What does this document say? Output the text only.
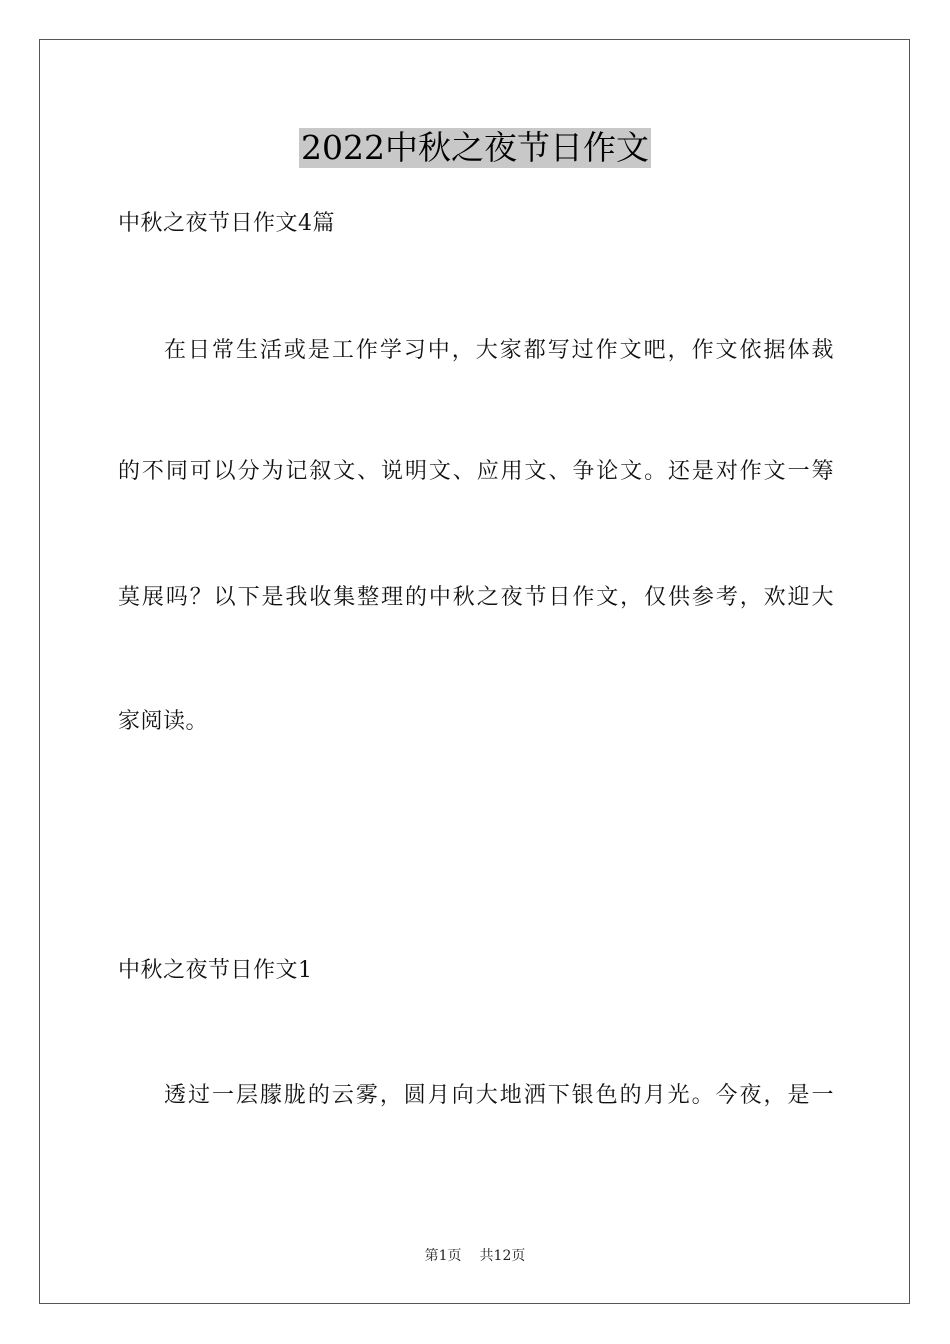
2022中秋之夜节日作文
中秋之夜节日作文4篇
在日常生活或是工作学习中，大家都写过作文吧，作文依据体裁
的不同可以分为记叙文、说明文、应用文、争论文。还是对作文一筹
莫展吗？以下是我收集整理的中秋之夜节日作文，仅供参考，欢迎大
家阅读。
中秋之夜节日作文1
透过一层朦胧的云雾，圆月向大地洒下银色的月光。今夜，是一
第1页 共12页
